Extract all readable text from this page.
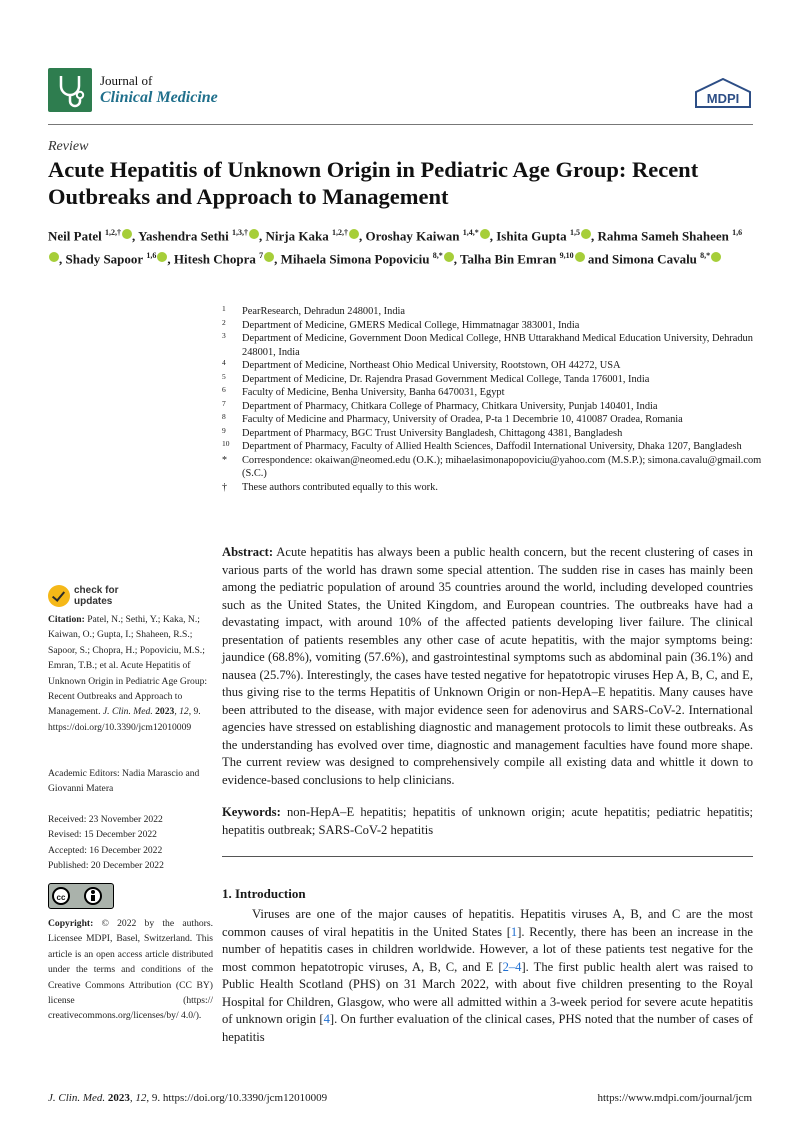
Journal of
Clinical Medicine	MDPI
Review
Acute Hepatitis of Unknown Origin in Pediatric Age Group: Recent Outbreaks and Approach to Management
Neil Patel $^{1,2,\dagger}$ , Yashendra Sethi $^{1,3,\dagger}$ , Nirja Kaka $^{1,2,\dagger}$ , Oroshay Kaiwan $^{1,4,*}$ , Ishita Gupta $^{1,5}$ , Rahma Sameh Shaheen $^{1,6}$, Shady Sapoor $^{1,6}$ , Hitesh Chopra $^7$ , Mihaela Simona Popoviciu $^{8,*}$ , Talha Bin Emran $^{9,10}$ and Simona Cavalu $^{8,*}$
1 PearResearch, Dehradun 248001, India
2 Department of Medicine, GMERS Medical College, Himmatnagar 383001, India
3 Department of Medicine, Government Doon Medical College, HNB Uttarakhand Medical Education University, Dehradun 248001, India
4 Department of Medicine, Northeast Ohio Medical University, Rootstown, OH 44272, USA
5 Department of Medicine, Dr. Rajendra Prasad Government Medical College, Tanda 176001, India
6 Faculty of Medicine, Benha University, Banha 6470031, Egypt
7 Department of Pharmacy, Chitkara College of Pharmacy, Chitkara University, Punjab 140401, India
8 Faculty of Medicine and Pharmacy, University of Oradea, P-ta 1 Decembrie 10, 410087 Oradea, Romania
9 Department of Pharmacy, BGC Trust University Bangladesh, Chittagong 4381, Bangladesh
10 Department of Pharmacy, Faculty of Allied Health Sciences, Daffodil International University, Dhaka 1207, Bangladesh
* Correspondence: okaiwan@neomed.edu (O.K.); mihaelasimonapopoviciu@yahoo.com (M.S.P.); simona.cavalu@gmail.com (S.C.)
† These authors contributed equally to this work.
check for
updates
Citation: Patel, N.; Sethi, Y.; Kaka, N.; Kaiwan, O.; Gupta, I.; Shaheen, R.S.; Sapoor, S.; Chopra, H.; Popoviciu, M.S.; Emran, T.B.; et al. Acute Hepatitis of Unknown Origin in Pediatric Age Group: Recent Outbreaks and Approach to Management. J. Clin. Med. 2023, 12, 9. https://doi.org/10.3390/jcm12010009
Academic Editors: Nadia Marascio and Giovanni Matera
Received: 23 November 2022
Revised: 15 December 2022
Accepted: 16 December 2022
Published: 20 December 2022
cc
Copyright: © 2022 by the authors. Licensee MDPI, Basel, Switzerland. This article is an open access article distributed under the terms and conditions of the Creative Commons Attribution (CC BY) license (https:// creativecommons.org/licenses/by/ 4.0/).
Abstract: Acute hepatitis has always been a public health concern, but the recent clustering of cases in various parts of the world has drawn some special attention. The sudden rise in cases has mainly been among the pediatric population of around 35 countries around the world, including developed countries such as the United States, the United Kingdom, and European countries. The outbreaks have had a devastating impact, with around 10% of the affected patients developing liver failure. The clinical presentation of patients resembles any other case of acute hepatitis, with the major symptoms being: jaundice (68.8%), vomiting (57.6%), and gastrointestinal symptoms such as abdominal pain (36.1%) and nausea (25.7%). Interestingly, the cases have tested negative for hepatotropic viruses Hep A, B, C, and E, thus giving rise to the terms Hepatitis of Unknown Origin or non-HepA–E hepatitis. Many causes have been attributed to the disease, with major evidence seen for adenovirus and SARS-CoV-2. International agencies have stressed on establishing diagnostic and management protocols to limit these outbreaks. As the understanding has evolved over time, diagnostic and management faculties have found more shape. The current review was designed to comprehensively compile all existing data and whittle it down to evidence-based conclusions to help clinicians.
Keywords: non-HepA–E hepatitis; hepatitis of unknown origin; acute hepatitis; pediatric hepatitis; hepatitis outbreak; SARS-CoV-2 hepatitis
1. Introduction
Viruses are one of the major causes of hepatitis. Hepatitis viruses A, B, and C are the most common causes of viral hepatitis in the United States [1]. Recently, there has been an increase in the number of hepatitis cases in children worldwide. However, a lot of these patients test negative for the most common hepatotropic viruses, A, B, C, and E [2–4]. The first public health alert was raised to Public Health Scotland (PHS) on 31 March 2022, with about five children presenting to the Royal Hospital for Children, Glasgow, who were all admitted within a 3-week period for severe acute hepatitis of unknown origin [4]. On further evaluation of the clinical cases, PHS noted that the number of cases of hepatitis
J. Clin. Med. 2023, 12, 9. https://doi.org/10.3390/jcm12010009	https://www.mdpi.com/journal/jcm
